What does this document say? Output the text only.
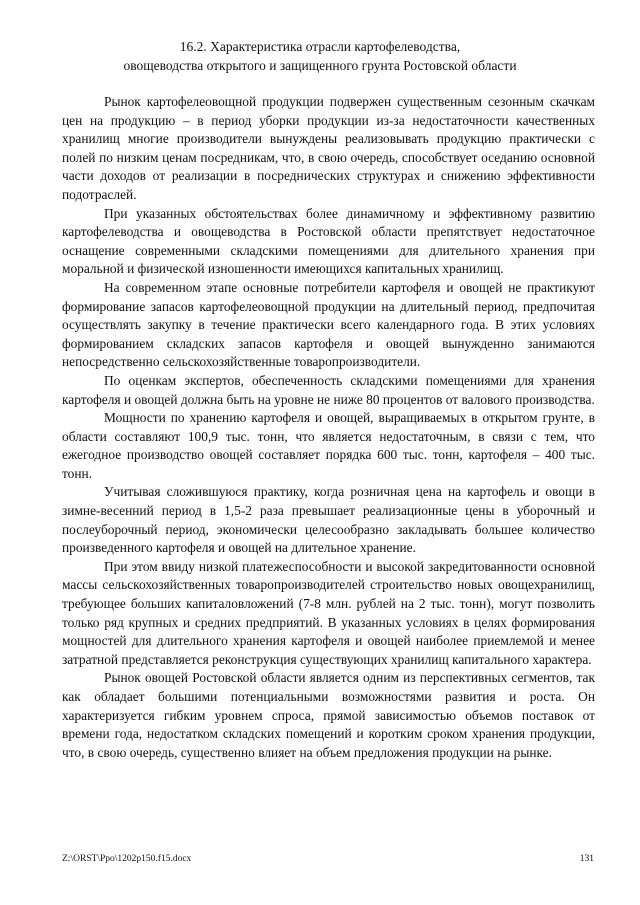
16.2. Характеристика отрасли картофелеводства,
овощеводства открытого и защищенного грунта Ростовской области

Рынок картофелеовощной продукции подвержен существенным сезонным скачкам цен на продукцию – в период уборки продукции из-за недостаточности качественных хранилищ многие производители вынуждены реализовывать продукцию практически с полей по низким ценам посредникам, что, в свою очередь, способствует оседанию основной части доходов от реализации в посреднических структурах и снижению эффективности подотраслей.

При указанных обстоятельствах более динамичному и эффективному развитию картофелеводства и овощеводства в Ростовской области препятствует недостаточное оснащение современными складскими помещениями для длительного хранения при моральной и физической изношенности имеющихся капитальных хранилищ.

На современном этапе основные потребители картофеля и овощей не практикуют формирование запасов картофелеовощной продукции на длительный период, предпочитая осуществлять закупку в течение практически всего календарного года. В этих условиях формированием складских запасов картофеля и овощей вынужденно занимаются непосредственно сельскохозяйственные товаропроизводители.

По оценкам экспертов, обеспеченность складскими помещениями для хранения картофеля и овощей должна быть на уровне не ниже 80 процентов от валового производства.

Мощности по хранению картофеля и овощей, выращиваемых в открытом грунте, в области составляют 100,9 тыс. тонн, что является недостаточным, в связи с тем, что ежегодное производство овощей составляет порядка 600 тыс. тонн, картофеля – 400 тыс. тонн.

Учитывая сложившуюся практику, когда розничная цена на картофель и овощи в зимне-весенний период в 1,5-2 раза превышает реализационные цены в уборочный и послеуборочный период, экономически целесообразно закладывать большее количество произведенного картофеля и овощей на длительное хранение.

При этом ввиду низкой платежеспособности и высокой закредитованности основной массы сельскохозяйственных товаропроизводителей строительство новых овощехранилищ, требующее больших капиталовложений (7-8 млн. рублей на 2 тыс. тонн), могут позволить только ряд крупных и средних предприятий. В указанных условиях в целях формирования мощностей для длительного хранения картофеля и овощей наиболее приемлемой и менее затратной представляется реконструкция существующих хранилищ капитального характера.

Рынок овощей Ростовской области является одним из перспективных сегментов, так как обладает большими потенциальными возможностями развития и роста. Он характеризуется гибким уровнем спроса, прямой зависимостью объемов поставок от времени года, недостатком складских помещений и коротким сроком хранения продукции, что, в свою очередь, существенно влияет на объем предложения продукции на рынке.

Z:\ORST\Ppo\1202p150.f15.docx	131
